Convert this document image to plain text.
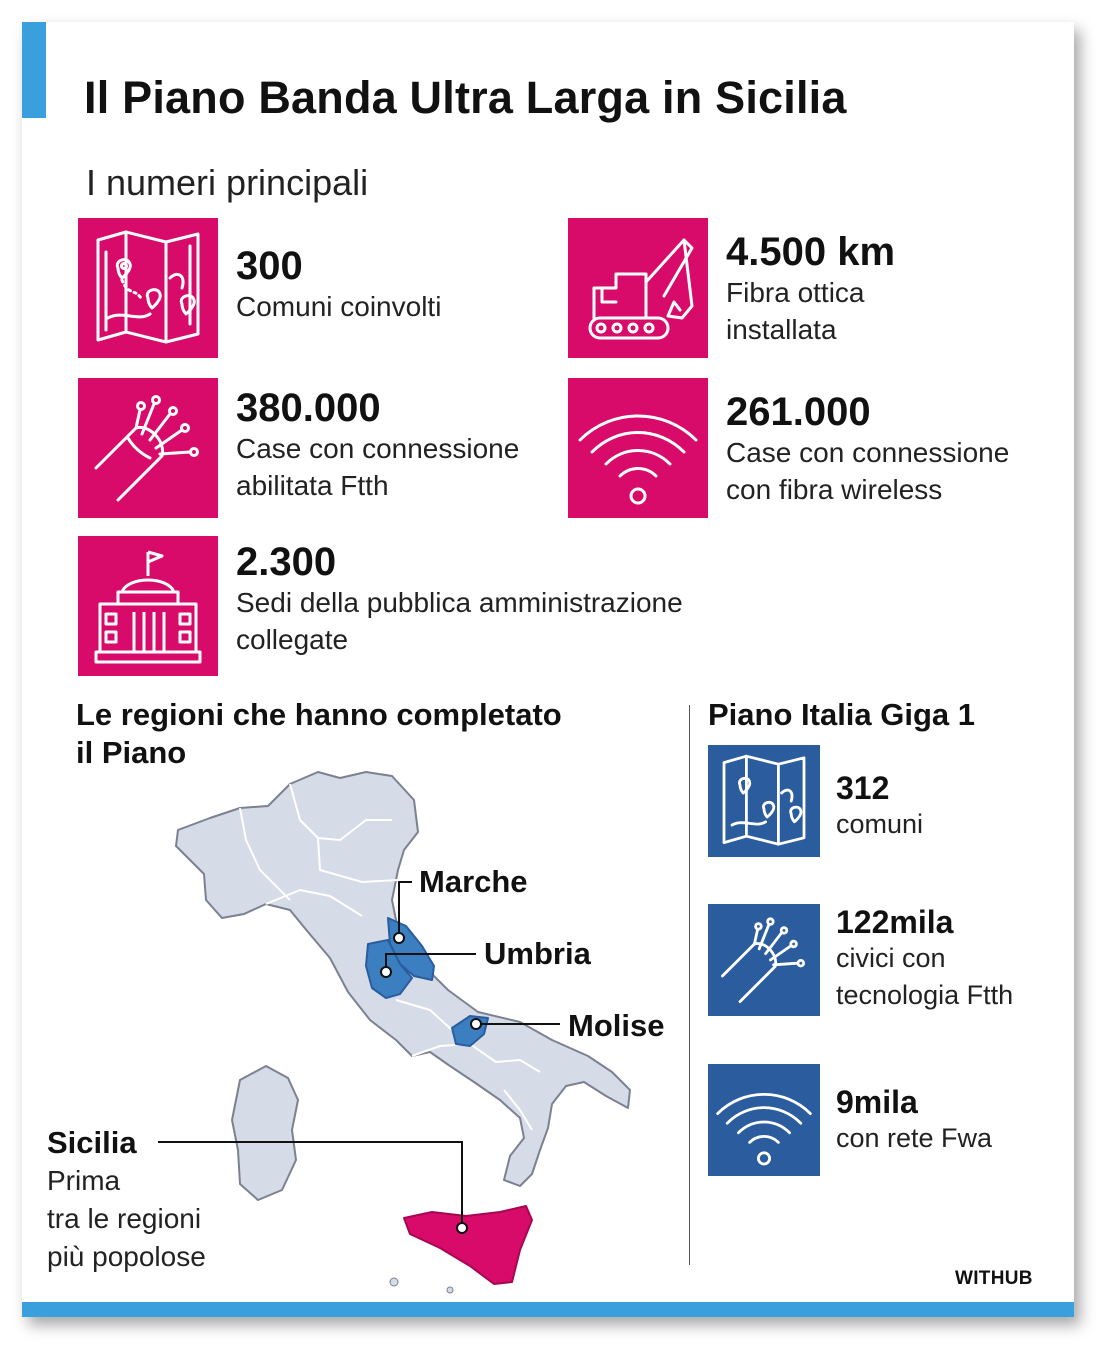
Il Piano Banda Ultra Larga in Sicilia
I numeri principali
300
Comuni coinvolti
4.500 km
Fibra ottica
installata
380.000
Case con connessione
abilitata Ftth
261.000
Case con connessione
con fibra wireless
2.300
Sedi della pubblica amministrazione
collegate
Le regioni che hanno completato
il Piano
Marche
Umbria
Molise
Sicilia
Prima
tra le regioni
più popolose
Piano Italia Giga 1
312
comuni
122mila
civici con
tecnologia Ftth
9mila
con rete Fwa
WITHUB
